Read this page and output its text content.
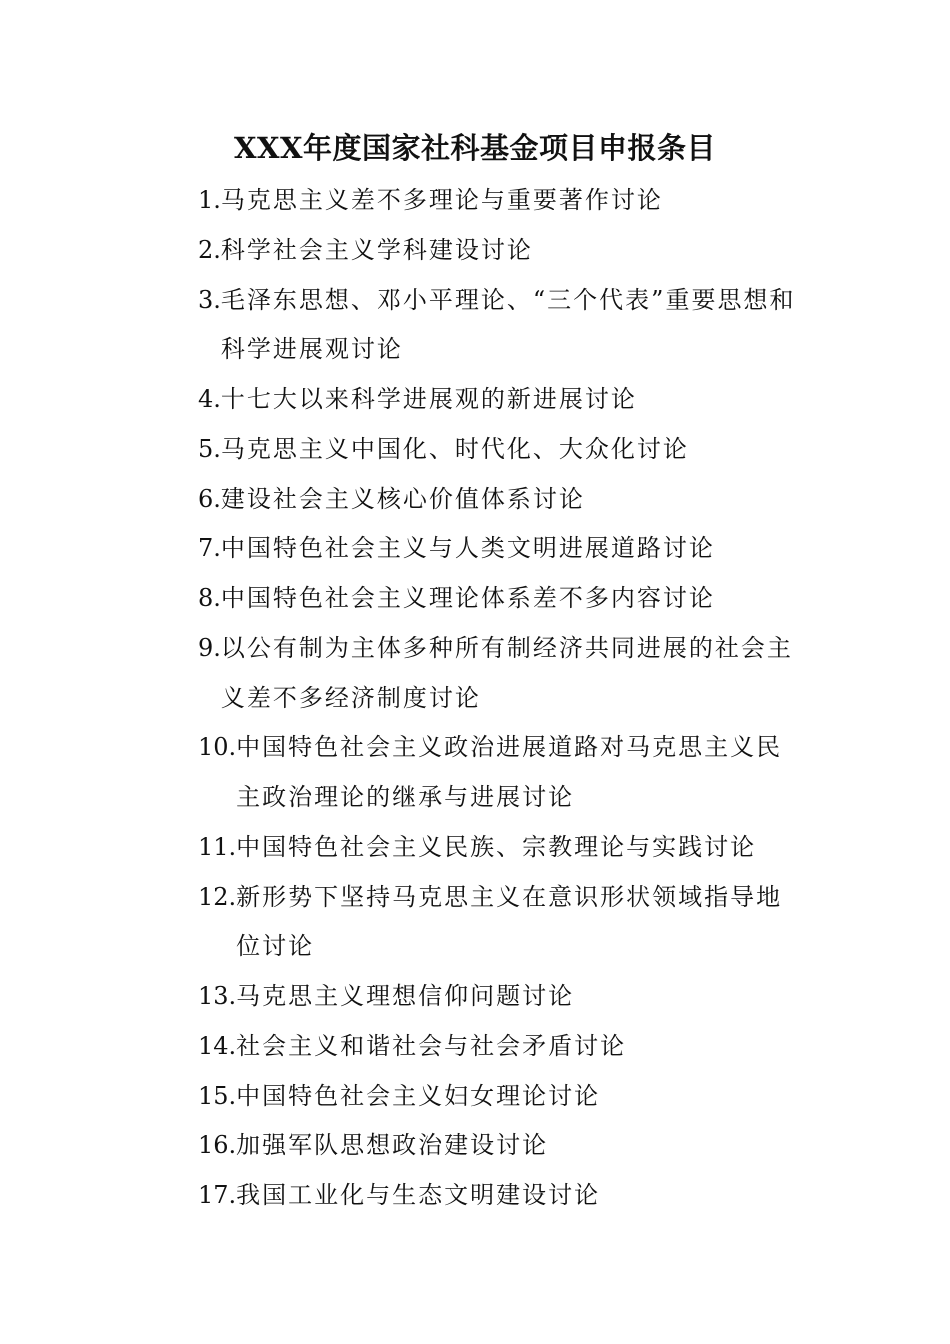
XXX年度国家社科基金项目申报条目
1. 马克思主义差不多理论与重要著作讨论
2. 科学社会主义学科建设讨论
3. 毛泽东思想、邓小平理论、“三个代表”重要思想和科学进展观讨论
4. 十七大以来科学进展观的新进展讨论
5. 马克思主义中国化、时代化、大众化讨论
6. 建设社会主义核心价值体系讨论
7. 中国特色社会主义与人类文明进展道路讨论
8. 中国特色社会主义理论体系差不多内容讨论
9. 以公有制为主体多种所有制经济共同进展的社会主义差不多经济制度讨论
10. 中国特色社会主义政治进展道路对马克思主义民主政治理论的继承与进展讨论
11. 中国特色社会主义民族、宗教理论与实践讨论
12. 新形势下坚持马克思主义在意识形状领域指导地位讨论
13. 马克思主义理想信仰问题讨论
14. 社会主义和谐社会与社会矛盾讨论
15. 中国特色社会主义妇女理论讨论
16. 加强军队思想政治建设讨论
17. 我国工业化与生态文明建设讨论
